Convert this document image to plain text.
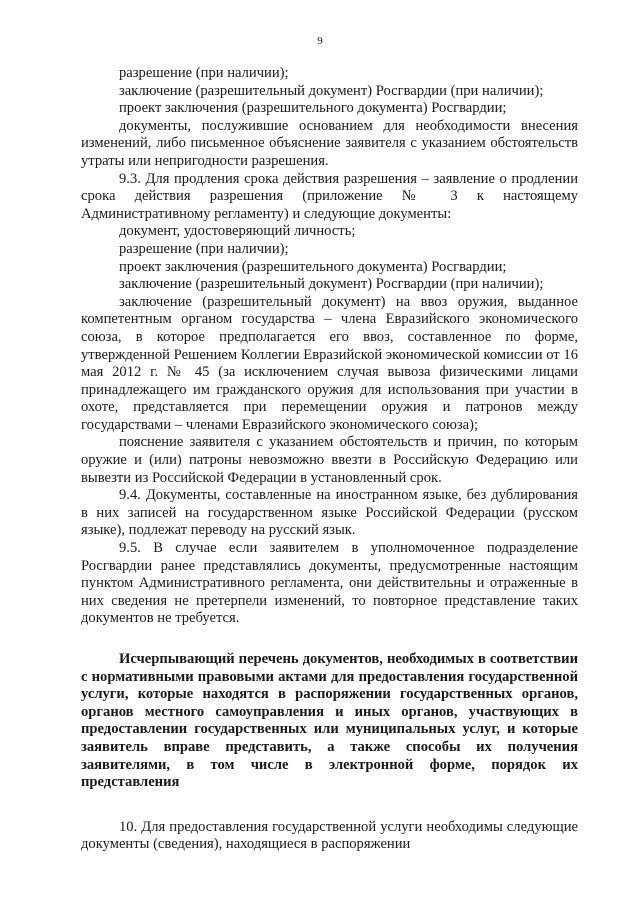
9

разрешение (при наличии);

заключение (разрешительный документ) Росгвардии (при наличии);

проект заключения (разрешительного документа) Росгвардии;

документы, послужившие основанием для необходимости внесения изменений, либо письменное объяснение заявителя с указанием обстоятельств утраты или непригодности разрешения.

9.3. Для продления срока действия разрешения – заявление о продлении срока действия разрешения (приложение № 3 к настоящему Административному регламенту) и следующие документы:

документ, удостоверяющий личность;

разрешение (при наличии);

проект заключения (разрешительного документа) Росгвардии;

заключение (разрешительный документ) Росгвардии (при наличии);

заключение (разрешительный документ) на ввоз оружия, выданное компетентным органом государства – члена Евразийского экономического союза, в которое предполагается его ввоз, составленное по форме, утвержденной Решением Коллегии Евразийской экономической комиссии от 16 мая 2012 г. № 45 (за исключением случая вывоза физическими лицами принадлежащего им гражданского оружия для использования при участии в охоте, представляется при перемещении оружия и патронов между государствами – членами Евразийского экономического союза);

пояснение заявителя с указанием обстоятельств и причин, по которым оружие и (или) патроны невозможно ввезти в Российскую Федерацию или вывезти из Российской Федерации в установленный срок.

9.4. Документы, составленные на иностранном языке, без дублирования в них записей на государственном языке Российской Федерации (русском языке), подлежат переводу на русский язык.

9.5. В случае если заявителем в уполномоченное подразделение Росгвардии ранее представлялись документы, предусмотренные настоящим пунктом Административного регламента, они действительны и отраженные в них сведения не претерпели изменений, то повторное представление таких документов не требуется.

Исчерпывающий перечень документов, необходимых в соответствии с нормативными правовыми актами для предоставления государственной услуги, которые находятся в распоряжении государственных органов, органов местного самоуправления и иных органов, участвующих в предоставлении государственных или муниципальных услуг, и которые заявитель вправе представить, а также способы их получения заявителями, в том числе в электронной форме, порядок их представления

10. Для предоставления государственной услуги необходимы следующие документы (сведения), находящиеся в распоряжении
